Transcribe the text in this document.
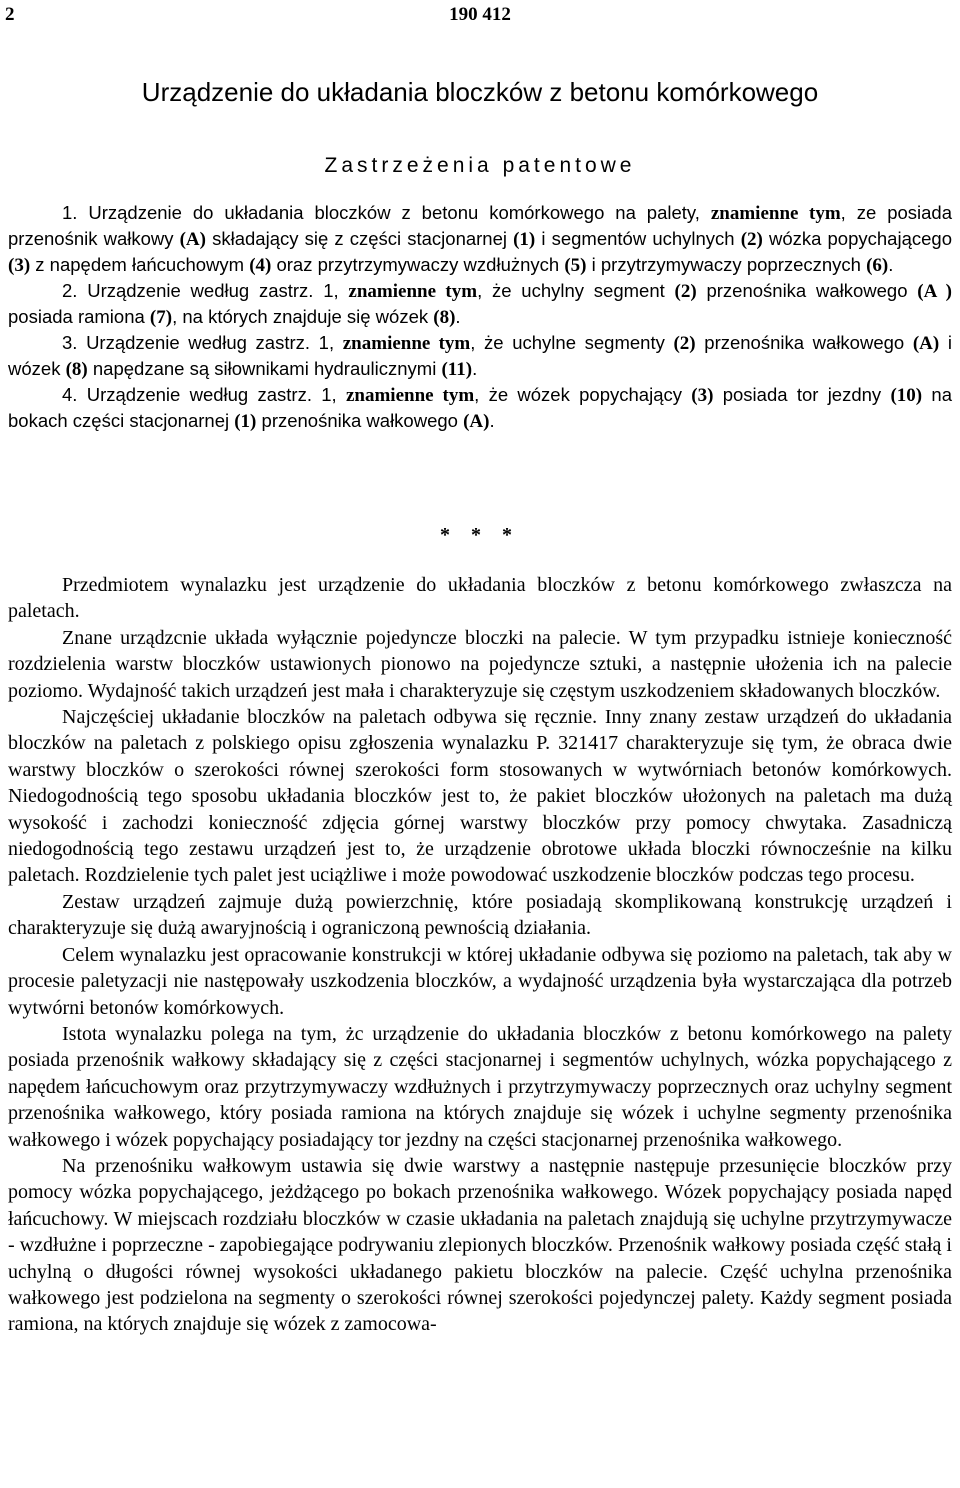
2	190 412
Urządzenie do układania bloczków z betonu komórkowego
Zastrzeżenia patentowe

1. Urządzenie do układania bloczków z betonu komórkowego na palety, znamienne tym, ze posiada przenośnik wałkowy (A) składający się z części stacjonarnej (1) i segmentów uchylnych (2) wózka popychającego (3) z napędem łańcuchowym (4) oraz przytrzymywaczy wzdłużnych (5) i przytrzymywaczy poprzecznych (6).

2. Urządzenie według zastrz. 1, znamienne tym, że uchylny segment (2) przenośnika wałkowego (A ) posiada ramiona (7), na których znajduje się wózek (8).

3. Urządzenie według zastrz. 1, znamienne tym, że uchylne segmenty (2) przenośnika wałkowego (A) i wózek (8) napędzane są siłownikami hydraulicznymi (11).

4. Urządzenie według zastrz. 1, znamienne tym, że wózek popychający (3) posiada tor jezdny (10) na bokach części stacjonarnej (1) przenośnika wałkowego (A).

* * *

Przedmiotem wynalazku jest urządzenie do układania bloczków z betonu komórkowego zwłaszcza na paletach.

Znane urządzcnie układa wyłącznie pojedyncze bloczki na palecie. W tym przypadku istnieje konieczność rozdzielenia warstw bloczków ustawionych pionowo na pojedyncze sztuki, a następnie ułożenia ich na palecie poziomo. Wydajność takich urządzeń jest mała i charakteryzuje się częstym uszkodzeniem składowanych bloczków.

Najczęściej układanie bloczków na paletach odbywa się ręcznie. Inny znany zestaw urządzeń do układania bloczków na paletach z polskiego opisu zgłoszenia wynalazku P. 321417 charakteryzuje się tym, że obraca dwie warstwy bloczków o szerokości równej szerokości form stosowanych w wytwórniach betonów komórkowych. Niedogodnością tego sposobu układania bloczków jest to, że pakiet bloczków ułożonych na paletach ma dużą wysokość i zachodzi konieczność zdjęcia górnej warstwy bloczków przy pomocy chwytaka. Zasadniczą niedogodnością tego zestawu urządzeń jest to, że urządzenie obrotowe układa bloczki równocześnie na kilku paletach. Rozdzielenie tych palet jest uciążliwe i może powodować uszkodzenie bloczków podczas tego procesu.

Zestaw urządzeń zajmuje dużą powierzchnię, które posiadają skomplikowaną konstrukcję urządzeń i charakteryzuje się dużą awaryjnością i ograniczoną pewnością działania.

Celem wynalazku jest opracowanie konstrukcji w której układanie odbywa się poziomo na paletach, tak aby w procesie paletyzacji nie następowały uszkodzenia bloczków, a wydajność urządzenia była wystarczająca dla potrzeb wytwórni betonów komórkowych.

Istota wynalazku polega na tym, żc urządzenie do układania bloczków z betonu komórkowego na palety posiada przenośnik wałkowy składający się z części stacjonarnej i segmentów uchylnych, wózka popychającego z napędem łańcuchowym oraz przytrzymywaczy wzdłużnych i przytrzymywaczy poprzecznych oraz uchylny segment przenośnika wałkowego, który posiada ramiona na których znajduje się wózek i uchylne segmenty przenośnika wałkowego i wózek popychający posiadający tor jezdny na części stacjonarnej przenośnika wałkowego.

Na przenośniku wałkowym ustawia się dwie warstwy a następnie następuje przesunięcie bloczków przy pomocy wózka popychającego, jeżdżącego po bokach przenośnika wałkowego. Wózek popychający posiada napęd łańcuchowy. W miejscach rozdziału bloczków w czasie układania na paletach znajdują się uchylne przytrzymywacze - wzdłużne i poprzeczne - zapobiegające podrywaniu zlepionych bloczków. Przenośnik wałkowy posiada część stałą i uchylną o długości równej wysokości układanego pakietu bloczków na palecie. Część uchylna przenośnika wałkowego jest podzielona na segmenty o szerokości równej szerokości pojedynczej palety. Każdy segment posiada ramiona, na których znajduje się wózek z zamocowa-
